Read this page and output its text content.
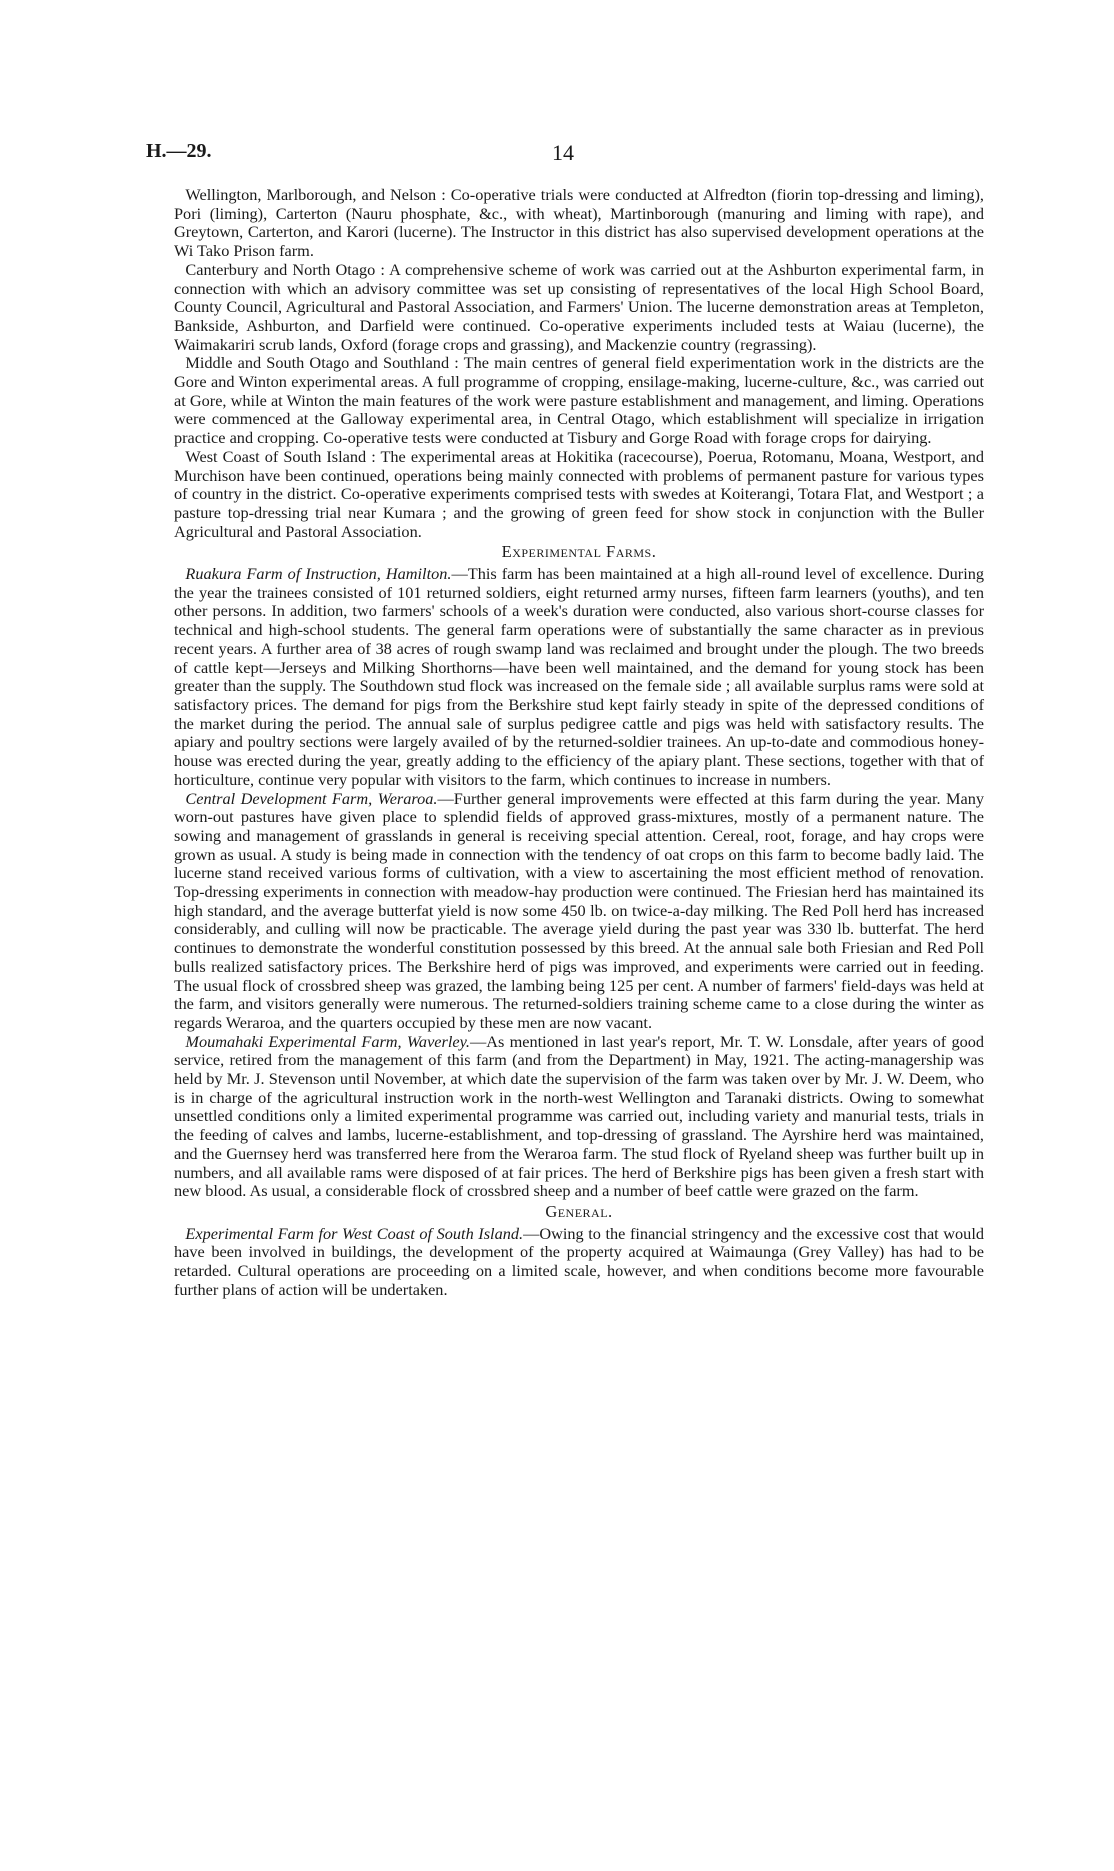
H.—29.	14

Wellington, Marlborough, and Nelson : Co-operative trials were conducted at Alfredton (fiorin top-dressing and liming), Pori (liming), Carterton (Nauru phosphate, &c., with wheat), Martinborough (manuring and liming with rape), and Greytown, Carterton, and Karori (lucerne). The Instructor in this district has also supervised development operations at the Wi Tako Prison farm.

Canterbury and North Otago : A comprehensive scheme of work was carried out at the Ashburton experimental farm, in connection with which an advisory committee was set up consisting of representatives of the local High School Board, County Council, Agricultural and Pastoral Association, and Farmers' Union. The lucerne demonstration areas at Templeton, Bankside, Ashburton, and Darfield were continued. Co-operative experiments included tests at Waiau (lucerne), the Waimakariri scrub lands, Oxford (forage crops and grassing), and Mackenzie country (regrassing).

Middle and South Otago and Southland : The main centres of general field experimentation work in the districts are the Gore and Winton experimental areas. A full programme of cropping, ensilage-making, lucerne-culture, &c., was carried out at Gore, while at Winton the main features of the work were pasture establishment and management, and liming. Operations were commenced at the Galloway experimental area, in Central Otago, which establishment will specialize in irrigation practice and cropping. Co-operative tests were conducted at Tisbury and Gorge Road with forage crops for dairying.

West Coast of South Island : The experimental areas at Hokitika (racecourse), Poerua, Rotomanu, Moana, Westport, and Murchison have been continued, operations being mainly connected with problems of permanent pasture for various types of country in the district. Co-operative experiments comprised tests with swedes at Koiterangi, Totara Flat, and Westport ; a pasture top-dressing trial near Kumara ; and the growing of green feed for show stock in conjunction with the Buller Agricultural and Pastoral Association.

Experimental Farms.

Ruakura Farm of Instruction, Hamilton.—This farm has been maintained at a high all-round level of excellence. During the year the trainees consisted of 101 returned soldiers, eight returned army nurses, fifteen farm learners (youths), and ten other persons. In addition, two farmers' schools of a week's duration were conducted, also various short-course classes for technical and high-school students. The general farm operations were of substantially the same character as in previous recent years. A further area of 38 acres of rough swamp land was reclaimed and brought under the plough. The two breeds of cattle kept—Jerseys and Milking Shorthorns—have been well maintained, and the demand for young stock has been greater than the supply. The Southdown stud flock was increased on the female side ; all available surplus rams were sold at satisfactory prices. The demand for pigs from the Berkshire stud kept fairly steady in spite of the depressed conditions of the market during the period. The annual sale of surplus pedigree cattle and pigs was held with satisfactory results. The apiary and poultry sections were largely availed of by the returned-soldier trainees. An up-to-date and commodious honey-house was erected during the year, greatly adding to the efficiency of the apiary plant. These sections, together with that of horticulture, continue very popular with visitors to the farm, which continues to increase in numbers.

Central Development Farm, Weraroa.—Further general improvements were effected at this farm during the year. Many worn-out pastures have given place to splendid fields of approved grass-mixtures, mostly of a permanent nature. The sowing and management of grasslands in general is receiving special attention. Cereal, root, forage, and hay crops were grown as usual. A study is being made in connection with the tendency of oat crops on this farm to become badly laid. The lucerne stand received various forms of cultivation, with a view to ascertaining the most efficient method of renovation. Top-dressing experiments in connection with meadow-hay production were continued. The Friesian herd has maintained its high standard, and the average butterfat yield is now some 450 lb. on twice-a-day milking. The Red Poll herd has increased considerably, and culling will now be practicable. The average yield during the past year was 330 lb. butterfat. The herd continues to demonstrate the wonderful constitution possessed by this breed. At the annual sale both Friesian and Red Poll bulls realized satisfactory prices. The Berkshire herd of pigs was improved, and experiments were carried out in feeding. The usual flock of crossbred sheep was grazed, the lambing being 125 per cent. A number of farmers' field-days was held at the farm, and visitors generally were numerous. The returned-soldiers training scheme came to a close during the winter as regards Weraroa, and the quarters occupied by these men are now vacant.

Moumahaki Experimental Farm, Waverley.—As mentioned in last year's report, Mr. T. W. Lonsdale, after years of good service, retired from the management of this farm (and from the Department) in May, 1921. The acting-managership was held by Mr. J. Stevenson until November, at which date the supervision of the farm was taken over by Mr. J. W. Deem, who is in charge of the agricultural instruction work in the north-west Wellington and Taranaki districts. Owing to somewhat unsettled conditions only a limited experimental programme was carried out, including variety and manurial tests, trials in the feeding of calves and lambs, lucerne-establishment, and top-dressing of grassland. The Ayrshire herd was maintained, and the Guernsey herd was transferred here from the Weraroa farm. The stud flock of Ryeland sheep was further built up in numbers, and all available rams were disposed of at fair prices. The herd of Berkshire pigs has been given a fresh start with new blood. As usual, a considerable flock of crossbred sheep and a number of beef cattle were grazed on the farm.

General.

Experimental Farm for West Coast of South Island.—Owing to the financial stringency and the excessive cost that would have been involved in buildings, the development of the property acquired at Waimaunga (Grey Valley) has had to be retarded. Cultural operations are proceeding on a limited scale, however, and when conditions become more favourable further plans of action will be undertaken.
